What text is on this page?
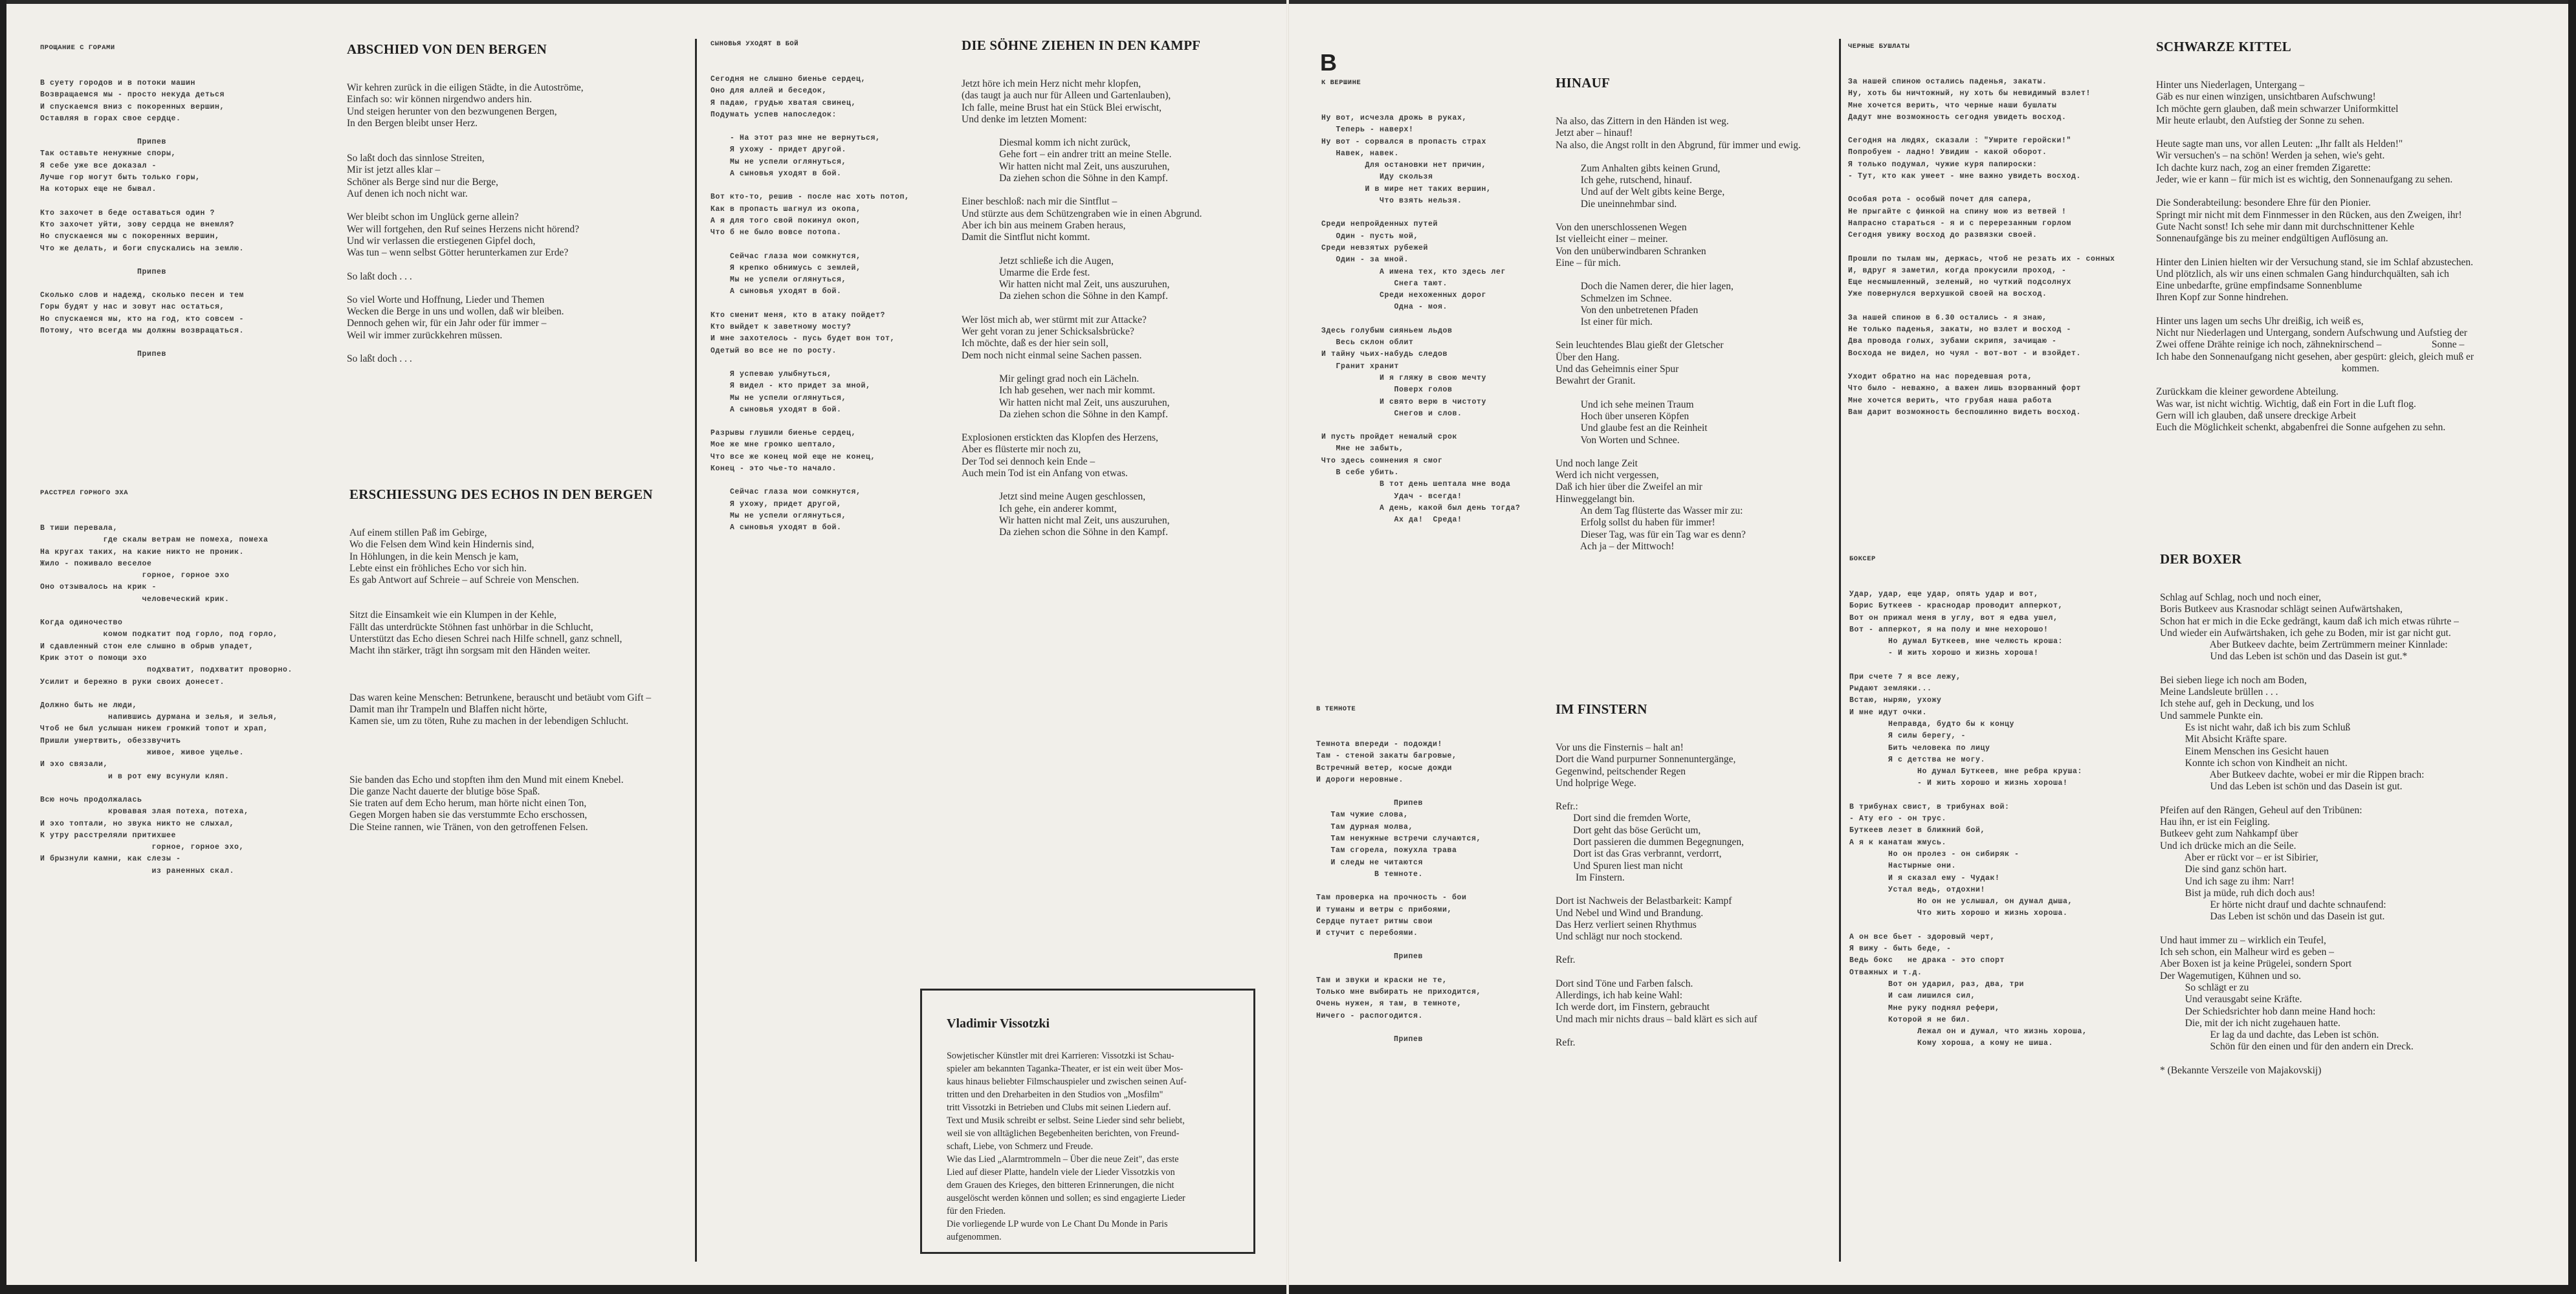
B
ПРОЩАНИЕ С ГОРАМИ
В суету городов и в потоки машин
Возвращаемся мы - просто некуда деться
И спускаемся вниз с покоренных вершин,
Оставляя в горах свое сердце.
Припев
Так оставьте ненужные споры,
Я себе уже все доказал -
Лучше гор могут быть только горы,
На которых еще не бывал.
Кто захочет в беде оставаться один ?
Кто захочет уйти, зову сердца не внемля?
Но спускаемся мы с покоренных вершин,
Что же делать, и боги спускались на землю.
Припев
Сколько слов и надежд, сколько песен и тем
Горы будят у нас и зовут нас остаться,
Но спускаемся мы, кто на год, кто совсем -
Потому, что всегда мы должны возвращаться.
Припев
ABSCHIED VON DEN BERGEN
Wir kehren zurück in die eiligen Städte, in die Autoströme,
Einfach so: wir können nirgendwo anders hin.
Und steigen herunter von den bezwungenen Bergen,
In den Bergen bleibt unser Herz.
So laßt doch das sinnlose Streiten,
Mir ist jetzt alles klar –
Schöner als Berge sind nur die Berge,
Auf denen ich noch nicht war.
Wer bleibt schon im Unglück gerne allein?
Wer will fortgehen, den Ruf seines Herzens nicht hörend?
Und wir verlassen die erstiegenen Gipfel doch,
Was tun – wenn selbst Götter herunterkamen zur Erde?
So laßt doch . . .
So viel Worte und Hoffnung, Lieder und Themen
Wecken die Berge in uns und wollen, daß wir bleiben.
Dennoch gehen wir, für ein Jahr oder für immer –
Weil wir immer zurückkehren müssen.
So laßt doch . . .
РАССТРЕЛ ГОРНОГО ЭХА
В тиши перевала,
где скалы ветрам не помеха, помеха
На кругах таких, на какие никто не проник.
Жило - поживало веселое
горное, горное эхо
Оно отзывалось на крик -
человеческий крик.
Когда одиночество
комом подкатит под горло, под горло,
И сдавленный стон еле слышно в обрыв упадет,
Крик этот о помощи эхо
подхватит, подхватит проворно.
Усилит и бережно в руки своих донесет.
Должно быть не люди,
напившись дурмана и зелья, и зелья,
Чтоб не был услышан никем громкий топот и храп,
Пришли умертвить, обеззвучить
живое, живое ущелье.
И эхо связали,
и в рот ему всунули кляп.
Всю ночь продолжалась
кровавая злая потеха, потеха,
И эхо топтали, но звука никто не слыхал,
К утру расстреляли притихшее
горное, горное эхо,
И брызнули камни, как слезы -
из раненных скал.
ERSCHIESSUNG DES ECHOS IN DEN BERGEN
Auf einem stillen Paß im Gebirge,
Wo die Felsen dem Wind kein Hindernis sind,
In Höhlungen, in die kein Mensch je kam,
Lebte einst ein fröhliches Echo vor sich hin.
Es gab Antwort auf Schreie – auf Schreie von Menschen.
Sitzt die Einsamkeit wie ein Klumpen in der Kehle,
Fällt das unterdrückte Stöhnen fast unhörbar in die Schlucht,
Unterstützt das Echo diesen Schrei nach Hilfe schnell, ganz schnell,
Macht ihn stärker, trägt ihn sorgsam mit den Händen weiter.
Das waren keine Menschen: Betrunkene, berauscht und betäubt vom Gift –
Damit man ihr Trampeln und Blaffen nicht hörte,
Kamen sie, um zu töten, Ruhe zu machen in der lebendigen Schlucht.
Sie banden das Echo und stopften ihm den Mund mit einem Knebel.
Die ganze Nacht dauerte der blutige böse Spaß.
Sie traten auf dem Echo herum, man hörte nicht einen Ton,
Gegen Morgen haben sie das verstummte Echo erschossen,
Die Steine rannen, wie Tränen, von den getroffenen Felsen.
СЫНОВЬЯ УХОДЯТ В БОЙ
Сегодня не слышно биенье сердец,
Оно для аллей и беседок,
Я падаю, грудью хватая свинец,
Подумать успев напоследок:
- На этот раз мне не вернуться,
Я ухожу - придет другой.
Мы не успели оглянуться,
А сыновья уходят в бой.
Вот кто-то, решив - после нас хоть потоп,
Как в пропасть шагнул из окопа,
А я для того свой покинул окоп,
Что б не было вовсе потопа.
Сейчас глаза мои сомкнутся,
Я крепко обнимусь с землей,
Мы не успели оглянуться,
А сыновья уходят в бой.
Кто сменит меня, кто в атаку пойдет?
Кто выйдет к заветному мосту?
И мне захотелось - пусь будет вон тот,
Одетый во все не по росту.
Я успеваю улыбнуться,
Я видел - кто придет за мной,
Мы не успели оглянуться,
А сыновья уходят в бой.
Разрывы глушили биенье сердец,
Мое же мне громко шептало,
Что все же конец мой еще не конец,
Конец - это чье-то начало.
Сейчас глаза мои сомкнутся,
Я ухожу, придет другой,
Мы не успели оглянуться,
А сыновья уходят в бой.
DIE SÖHNE ZIEHEN IN DEN KAMPF
Jetzt höre ich mein Herz nicht mehr klopfen,
(das taugt ja auch nur für Alleen und Gartenlauben),
Ich falle, meine Brust hat ein Stück Blei erwischt,
Und denke im letzten Moment:
Diesmal komm ich nicht zurück,
Gehe fort – ein andrer tritt an meine Stelle.
Wir hatten nicht mal Zeit, uns auszuruhen,
Da ziehen schon die Söhne in den Kampf.
Einer beschloß: nach mir die Sintflut –
Und stürzte aus dem Schützengraben wie in einen Abgrund.
Aber ich bin aus meinem Graben heraus,
Damit die Sintflut nicht kommt.
Jetzt schließe ich die Augen,
Umarme die Erde fest.
Wir hatten nicht mal Zeit, uns auszuruhen,
Da ziehen schon die Söhne in den Kampf.
Wer löst mich ab, wer stürmt mit zur Attacke?
Wer geht voran zu jener Schicksalsbrücke?
Ich möchte, daß es der hier sein soll,
Dem noch nicht einmal seine Sachen passen.
Mir gelingt grad noch ein Lächeln.
Ich hab gesehen, wer nach mir kommt.
Wir hatten nicht mal Zeit, uns auszuruhen,
Da ziehen schon die Söhne in den Kampf.
Explosionen erstickten das Klopfen des Herzens,
Aber es flüsterte mir noch zu,
Der Tod sei dennoch kein Ende –
Auch mein Tod ist ein Anfang von etwas.
Jetzt sind meine Augen geschlossen,
Ich gehe, ein anderer kommt,
Wir hatten nicht mal Zeit, uns auszuruhen,
Da ziehen schon die Söhne in den Kampf.
К ВЕРШИНЕ
Ну вот, исчезла дрожь в руках,
Теперь - наверх!
Ну вот - сорвался в пропасть страх
Навек, навек.
Для остановки нет причин,
Иду скользя
И в мире нет таких вершин,
Что взять нельзя.
Среди непройденных путей
Один - пусть мой,
Среди невзятых рубежей
Один - за мной.
А имена тех, кто здесь лег
Снега тают.
Среди нехоженных дорог
Одна - моя.
Здесь голубым сияньем льдов
Весь склон облит
И тайну чьих-набудь следов
Гранит хранит
И я гляжу в свою мечту
Поверх голов
И свято верю в чистоту
Снегов и слов.
И пусть пройдет немалый срок
Мне не забыть,
Что здесь сомнения я смог
В себе убить.
В тот день шептала мне вода
Удач - всегда!
А день, какой был день тогда?
Ах да!  Среда!
HINAUF
Na also, das Zittern in den Händen ist weg.
Jetzt aber – hinauf!
Na also, die Angst rollt in den Abgrund, für immer und ewig.
Zum Anhalten gibts keinen Grund,
Ich gehe, rutschend, hinauf.
Und auf der Welt gibts keine Berge,
Die uneinnehmbar sind.
Von den unerschlossenen Wegen
Ist vielleicht einer – meiner.
Von den unüberwindbaren Schranken
Eine – für mich.
Doch die Namen derer, die hier lagen,
Schmelzen im Schnee.
Von den unbetretenen Pfaden
Ist einer für mich.
Sein leuchtendes Blau gießt der Gletscher
Über den Hang.
Und das Geheimnis einer Spur
Bewahrt der Granit.
Und ich sehe meinen Traum
Hoch über unseren Köpfen
Und glaube fest an die Reinheit
Von Worten und Schnee.
Und noch lange Zeit
Werd ich nicht vergessen,
Daß ich hier über die Zweifel an mir
Hinweggelangt bin.
An dem Tag flüsterte das Wasser mir zu:
Erfolg sollst du haben für immer!
Dieser Tag, was für ein Tag war es denn?
Ach ja – der Mittwoch!
В ТЕМНОТЕ
Темнота впереди - подожди!
Там - стеной закаты багровые,
Встречный ветер, косые дожди
И дороги неровные.
Припев
Там чужие слова,
Там дурная молва,
Там ненужные встречи случаются,
Там сгорела, пожухла трава
И следы не читаются
В темноте.
Там проверка на прочность - бои
И туманы и ветры с прибоями,
Сердце путает ритмы свои
И стучит с перебоями.
Припев
Там и звуки и краски не те,
Только мне выбирать не приходится,
Очень нужен, я там, в темноте,
Ничего - распогодится.
Припев
IM FINSTERN
Vor uns die Finsternis – halt an!
Dort die Wand purpurner Sonnenuntergänge,
Gegenwind, peitschender Regen
Und holprige Wege.
Refr.:
Dort sind die fremden Worte,
Dort geht das böse Gerücht um,
Dort passieren die dummen Begegnungen,
Dort ist das Gras verbrannt, verdorrt,
Und Spuren liest man nicht
Im Finstern.
Dort ist Nachweis der Belastbarkeit: Kampf
Und Nebel und Wind und Brandung.
Das Herz verliert seinen Rhythmus
Und schlägt nur noch stockend.
Refr.
Dort sind Töne und Farben falsch.
Allerdings, ich hab keine Wahl:
Ich werde dort, im Finstern, gebraucht
Und mach mir nichts draus – bald klärt es sich auf
Refr.
ЧЕРНЫЕ БУШЛАТЫ
За нашей спиною остались паденья, закаты.
Ну, хоть бы ничтожный, ну хоть бы невидимый взлет!
Мне хочется верить, что черные наши бушлаты
Дадут мне возможность сегодня увидеть восход.
Сегодня на людях, сказали : "Умрите геройски!"
Попробуем - ладно! Увидим - какой оборот.
Я только подумал, чужие куря папироски:
- Тут, кто как умеет - мне важно увидеть восход.
Особая рота - особый почет для сапера,
Не прыгайте с финкой на спину мою из ветвей !
Напрасно стараться - я и с перерезанным горлом
Сегодня увижу восход до развязки своей.
Прошли по тылам мы, держась, чтоб не резать их - сонных
И, вдруг я заметил, когда прокусили проход, -
Еще несмышленный, зеленый, но чуткий подсолнух
Уже повернулся верхушкой своей на восход.
За нашей спиною в 6.30 остались - я знаю,
Не только паденья, закаты, но взлет и восход -
Два провода голых, зубами скрипя, зачищаю -
Восхода не видел, но чуял - вот-вот - и взойдет.
Уходит обратно на нас поредевшая рота,
Что было - неважно, а важен лишь взорванный форт
Мне хочется верить, что грубая наша работа
Вам дарит возможность беспошлинно видеть восход.
SCHWARZE KITTEL
Hinter uns Niederlagen, Untergang –
Gäb es nur einen winzigen, unsichtbaren Aufschwung!
Ich möchte gern glauben, daß mein schwarzer Uniformkittel
Mir heute erlaubt, den Aufstieg der Sonne zu sehen.
Heute sagte man uns, vor allen Leuten: „Ihr fallt als Helden!"
Wir versuchen's – na schön! Werden ja sehen, wie's geht.
Ich dachte kurz nach, zog an einer fremden Zigarette:
Jeder, wie er kann – für mich ist es wichtig, den Sonnenaufgang zu sehen.
Die Sonderabteilung: besondere Ehre für den Pionier.
Springt mir nicht mit dem Finnmesser in den Rücken, aus den Zweigen, ihr!
Gute Nacht sonst! Ich sehe mir dann mit durchschnittener Kehle
Sonnenaufgänge bis zu meiner endgültigen Auflösung an.
Hinter den Linien hielten wir der Versuchung stand, sie im Schlaf abzustechen.
Und plötzlich, als wir uns einen schmalen Gang hindurchquälten, sah ich
Eine unbedarfte, grüne empfindsame Sonnenblume
Ihren Kopf zur Sonne hindrehen.
Hinter uns lagen um sechs Uhr dreißig, ich weiß es,
Nicht nur Niederlagen und Untergang, sondern Aufschwung und Aufstieg der
Zwei offene Drähte reinige ich noch, zähneknirschend –                    Sonne –
Ich habe den Sonnenaufgang nicht gesehen, aber gespürt: gleich, gleich muß er
kommen.
Zurückkam die kleiner gewordene Abteilung.
Was war, ist nicht wichtig. Wichtig, daß ein Fort in die Luft flog.
Gern will ich glauben, daß unsere dreckige Arbeit
Euch die Möglichkeit schenkt, abgabenfrei die Sonne aufgehen zu sehn.
БОКСЕР
Удар, удар, еще удар, опять удар и вот,
Борис Буткеев - краснодар проводит апперкот,
Вот он прижал меня в углу, вот я едва ушел,
Вот - апперкот, я на полу и мне нехорошо!
Но думал Буткеев, мне челюсть кроша:
- И жить хорошо и жизнь хороша!
При счете 7 я все лежу,
Рыдают земляки...
Встаю, ныряю, ухожу
И мне идут очки.
Неправда, будто бы к концу
Я силы берегу, -
Бить человека по лицу
Я с детства не могу.
Но думал Буткеев, мне ребра круша:
- И жить хорошо и жизнь хороша!
В трибунах свист, в трибунах вой:
- Ату его - он трус.
Буткеев лезет в ближний бой,
А я к канатам жмусь.
Но он пролез - он сибиряк -
Настырные они.
И я сказал ему - Чудак!
Устал ведь, отдохни!
Но он не услышал, он думал дыша,
Что жить хорошо и жизнь хороша.
А он все бьет - здоровый черт,
Я вижу - быть беде, -
Ведь бокс   не драка - это спорт
Отважных и т.д.
Вот он ударил, раз, два, три
И сам лишился сил,
Мне руку поднял рефери,
Которой я не бил.
Лежал он и думал, что жизнь хороша,
Кому хороша, а кому не шиша.
DER BOXER
Schlag auf Schlag, noch und noch einer,
Boris Butkeev aus Krasnodar schlägt seinen Aufwärtshaken,
Schon hat er mich in die Ecke gedrängt, kaum daß ich mich etwas rührte –
Und wieder ein Aufwärtshaken, ich gehe zu Boden, mir ist gar nicht gut.
Aber Butkeev dachte, beim Zertrümmern meiner Kinnlade:
Und das Leben ist schön und das Dasein ist gut.*
Bei sieben liege ich noch am Boden,
Meine Landsleute brüllen . . .
Ich stehe auf, geh in Deckung, und los
Und sammele Punkte ein.
Es ist nicht wahr, daß ich bis zum Schluß
Mit Absicht Kräfte spare.
Einem Menschen ins Gesicht hauen
Konnte ich schon von Kindheit an nicht.
Aber Butkeev dachte, wobei er mir die Rippen brach:
Und das Leben ist schön und das Dasein ist gut.
Pfeifen auf den Rängen, Geheul auf den Tribünen:
Hau ihn, er ist ein Feigling.
Butkeev geht zum Nahkampf über
Und ich drücke mich an die Seile.
Aber er rückt vor – er ist Sibirier,
Die sind ganz schön hart.
Und ich sage zu ihm: Narr!
Bist ja müde, ruh dich doch aus!
Er hörte nicht drauf und dachte schnaufend:
Das Leben ist schön und das Dasein ist gut.
Und haut immer zu – wirklich ein Teufel,
Ich seh schon, ein Malheur wird es geben –
Aber Boxen ist ja keine Prügelei, sondern Sport
Der Wagemutigen, Kühnen und so.
So schlägt er zu
Und verausgabt seine Kräfte.
Der Schiedsrichter hob dann meine Hand hoch:
Die, mit der ich nicht zugehauen hatte.
Er lag da und dachte, das Leben ist schön.
Schön für den einen und für den andern ein Dreck.
* (Bekannte Verszeile von Majakovskij)
Vladimir Vissotzki
Sowjetischer Künstler mit drei Karrieren: Vissotzki ist Schau-
spieler am bekannten Taganka-Theater, er ist ein weit über Mos-
kaus hinaus beliebter Filmschauspieler und zwischen seinen Auf-
tritten und den Dreharbeiten in den Studios von „Mosfilm"
tritt Vissotzki in Betrieben und Clubs mit seinen Liedern auf.
Text und Musik schreibt er selbst. Seine Lieder sind sehr beliebt,
weil sie von alltäglichen Begebenheiten berichten, von Freund-
schaft, Liebe, von Schmerz und Freude.
Wie das Lied „Alarmtrommeln – Über die neue Zeit", das erste
Lied auf dieser Platte, handeln viele der Lieder Vissotzkis von
dem Grauen des Krieges, den bitteren Erinnerungen, die nicht
ausgelöscht werden können und sollen; es sind engagierte Lieder
für den Frieden.
Die vorliegende LP wurde von Le Chant Du Monde in Paris
aufgenommen.
